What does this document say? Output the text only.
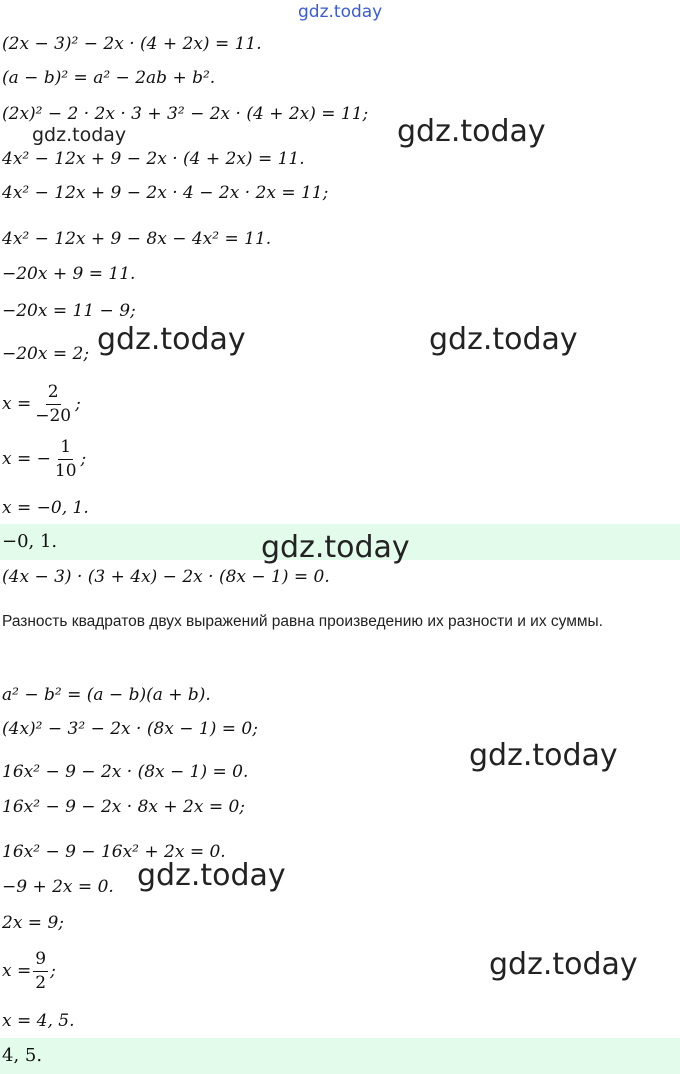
(2x − 3)² − 2x · (4 + 2x) = 11.
(a − b)² = a² − 2ab + b².
(2x)² − 2 · 2x · 3 + 3² − 2x · (4 + 2x) = 11;
4x² − 12x + 9 − 2x · (4 + 2x) = 11.
4x² − 12x + 9 − 2x · 4 − 2x · 2x = 11;
4x² − 12x + 9 − 8x − 4x² = 11.
−20x + 9 = 11.
−20x = 11 − 9;
−20x = 2;
$x = \frac{2}{-20}$ ;
x = − $\frac{1}{10}$ ;
x = −0, 1.
−0, 1.
(4x − 3) · (3 + 4x) − 2x · (8x − 1) = 0.
Разность квадратов двух выражений равна произведению их разности и их суммы.
a² − b² = (a − b)(a + b).
(4x)² − 3² − 2x · (8x − 1) = 0;
16x² − 9 − 2x · (8x − 1) = 0.
16x² − 9 − 2x · 8x + 2x = 0;
16x² − 9 − 16x² + 2x = 0.
−9 + 2x = 0.
2x = 9;
$x = \frac{9}{2}$ ;
x = 4, 5.
4, 5.
gdz.today
gdz.today	gdz.today
gdz.today	gdz.today
gdz.today
gdz.today
gdz.today
gdz.today
